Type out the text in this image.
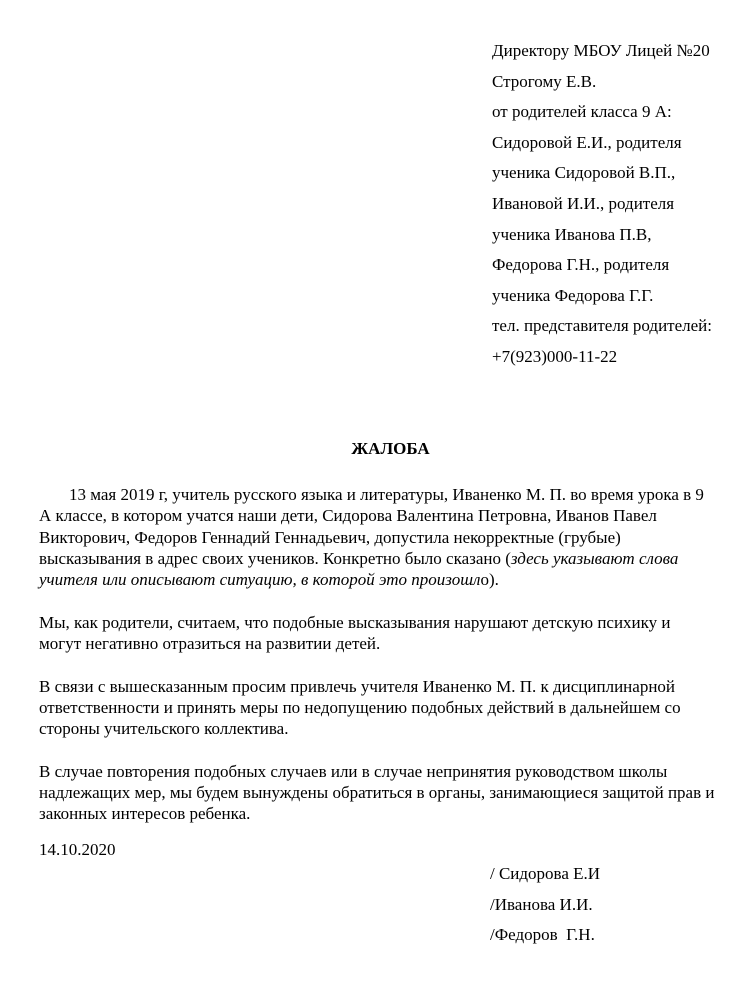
Директору МБОУ Лицей №20
Строгому Е.В.
от родителей класса 9 А:
Сидоровой Е.И., родителя
ученика Сидоровой В.П.,
Ивановой И.И., родителя
ученика Иванова П.В,
Федорова Г.Н., родителя
ученика Федорова Г.Г.
тел. представителя родителей:
+7(923)000-11-22
ЖАЛОБА

13 мая 2019 г, учитель русского языка и литературы, Иваненко М. П. во время урока в 9 А классе, в котором учатся наши дети, Сидорова Валентина Петровна, Иванов Павел Викторович, Федоров Геннадий Геннадьевич, допустила некорректные (грубые) высказывания в адрес своих учеников. Конкретно было сказано (здесь указывают слова учителя или описывают ситуацию, в которой это произошло).

Мы, как родители, считаем, что подобные высказывания нарушают детскую психику и могут негативно отразиться на развитии детей.

В связи с вышесказанным просим привлечь учителя Иваненко М. П. к дисциплинарной ответственности и принять меры по недопущению подобных действий в дальнейшем со стороны учительского коллектива.

В случае повторения подобных случаев или в случае непринятия руководством школы надлежащих мер, мы будем вынуждены обратиться в органы, занимающиеся защитой прав и законных интересов ребенка.

14.10.2020
/ Сидорова Е.И
/Иванова И.И.
/Федоров  Г.Н.
